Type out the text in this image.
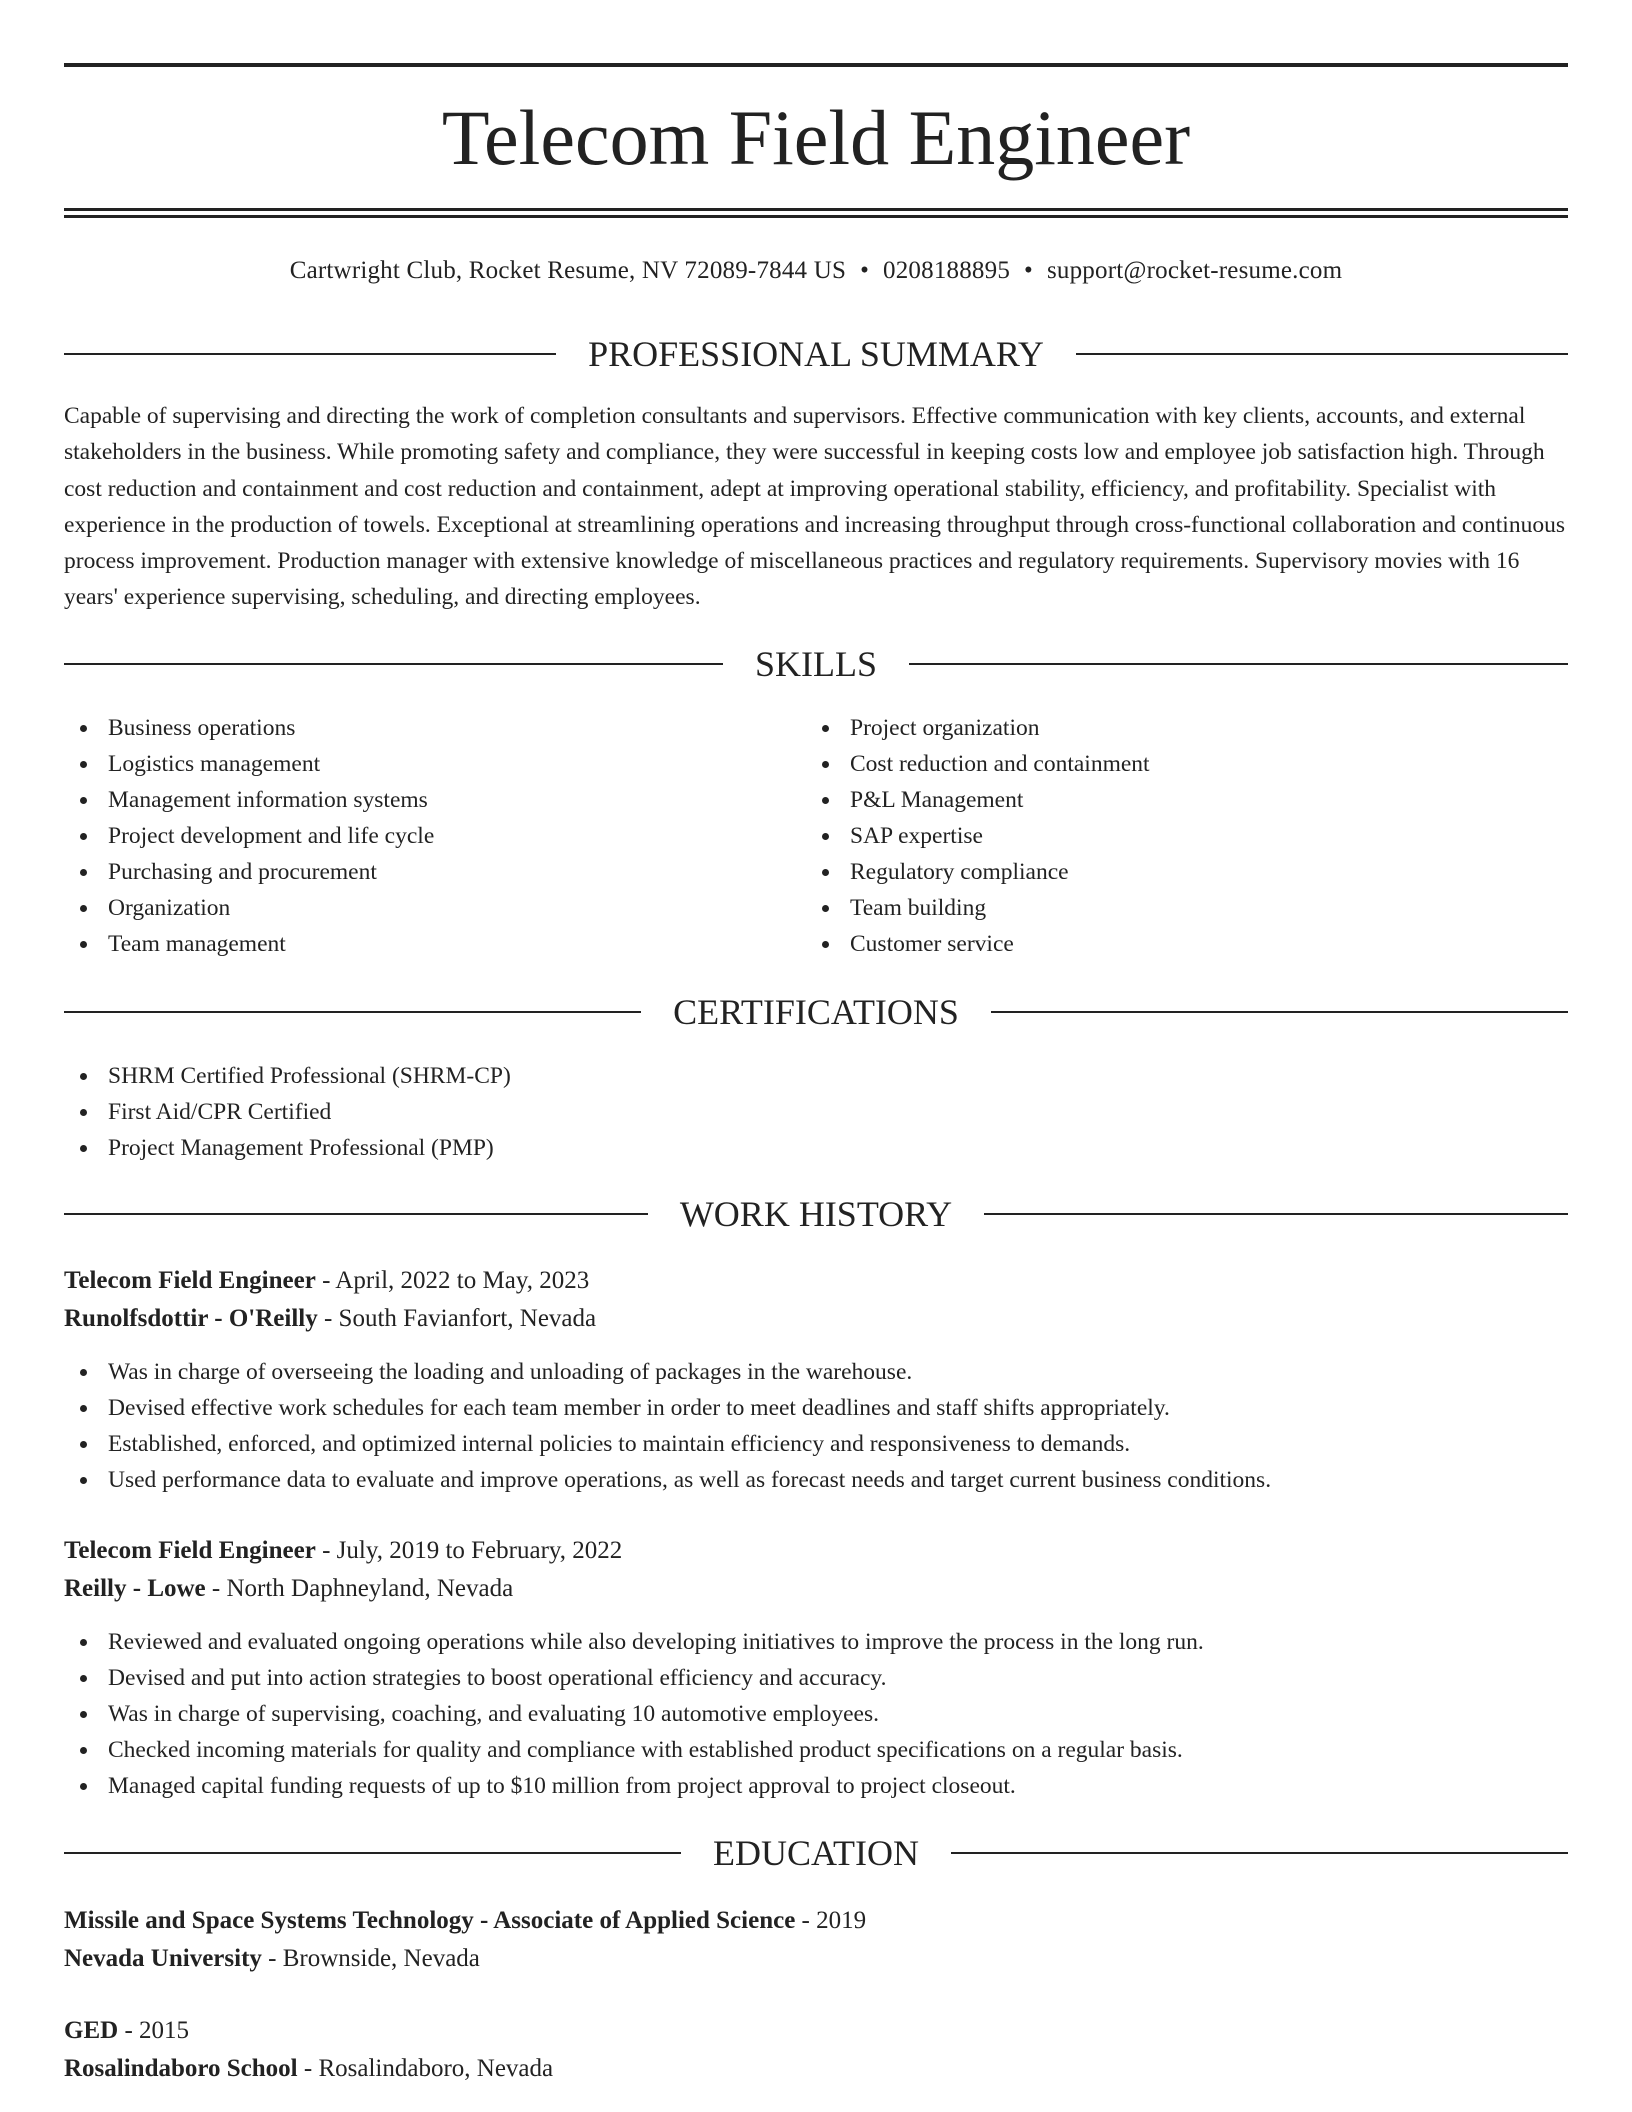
Telecom Field Engineer
Cartwright Club, Rocket Resume, NV 72089-7844 US • 0208188895 • support@rocket-resume.com
PROFESSIONAL SUMMARY
Capable of supervising and directing the work of completion consultants and supervisors. Effective communication with key clients, accounts, and external stakeholders in the business. While promoting safety and compliance, they were successful in keeping costs low and employee job satisfaction high. Through cost reduction and containment and cost reduction and containment, adept at improving operational stability, efficiency, and profitability. Specialist with experience in the production of towels. Exceptional at streamlining operations and increasing throughput through cross-functional collaboration and continuous process improvement. Production manager with extensive knowledge of miscellaneous practices and regulatory requirements. Supervisory movies with 16 years' experience supervising, scheduling, and directing employees.
SKILLS
Business operations
Logistics management
Management information systems
Project development and life cycle
Purchasing and procurement
Organization
Team management
Project organization
Cost reduction and containment
P&L Management
SAP expertise
Regulatory compliance
Team building
Customer service
CERTIFICATIONS
SHRM Certified Professional (SHRM-CP)
First Aid/CPR Certified
Project Management Professional (PMP)
WORK HISTORY
Telecom Field Engineer - April, 2022 to May, 2023
Runolfsdottir - O'Reilly - South Favianfort, Nevada
Was in charge of overseeing the loading and unloading of packages in the warehouse.
Devised effective work schedules for each team member in order to meet deadlines and staff shifts appropriately.
Established, enforced, and optimized internal policies to maintain efficiency and responsiveness to demands.
Used performance data to evaluate and improve operations, as well as forecast needs and target current business conditions.
Telecom Field Engineer - July, 2019 to February, 2022
Reilly - Lowe - North Daphneyland, Nevada
Reviewed and evaluated ongoing operations while also developing initiatives to improve the process in the long run.
Devised and put into action strategies to boost operational efficiency and accuracy.
Was in charge of supervising, coaching, and evaluating 10 automotive employees.
Checked incoming materials for quality and compliance with established product specifications on a regular basis.
Managed capital funding requests of up to $10 million from project approval to project closeout.
EDUCATION
Missile and Space Systems Technology - Associate of Applied Science - 2019
Nevada University - Brownside, Nevada
GED - 2015
Rosalindaboro School - Rosalindaboro, Nevada
